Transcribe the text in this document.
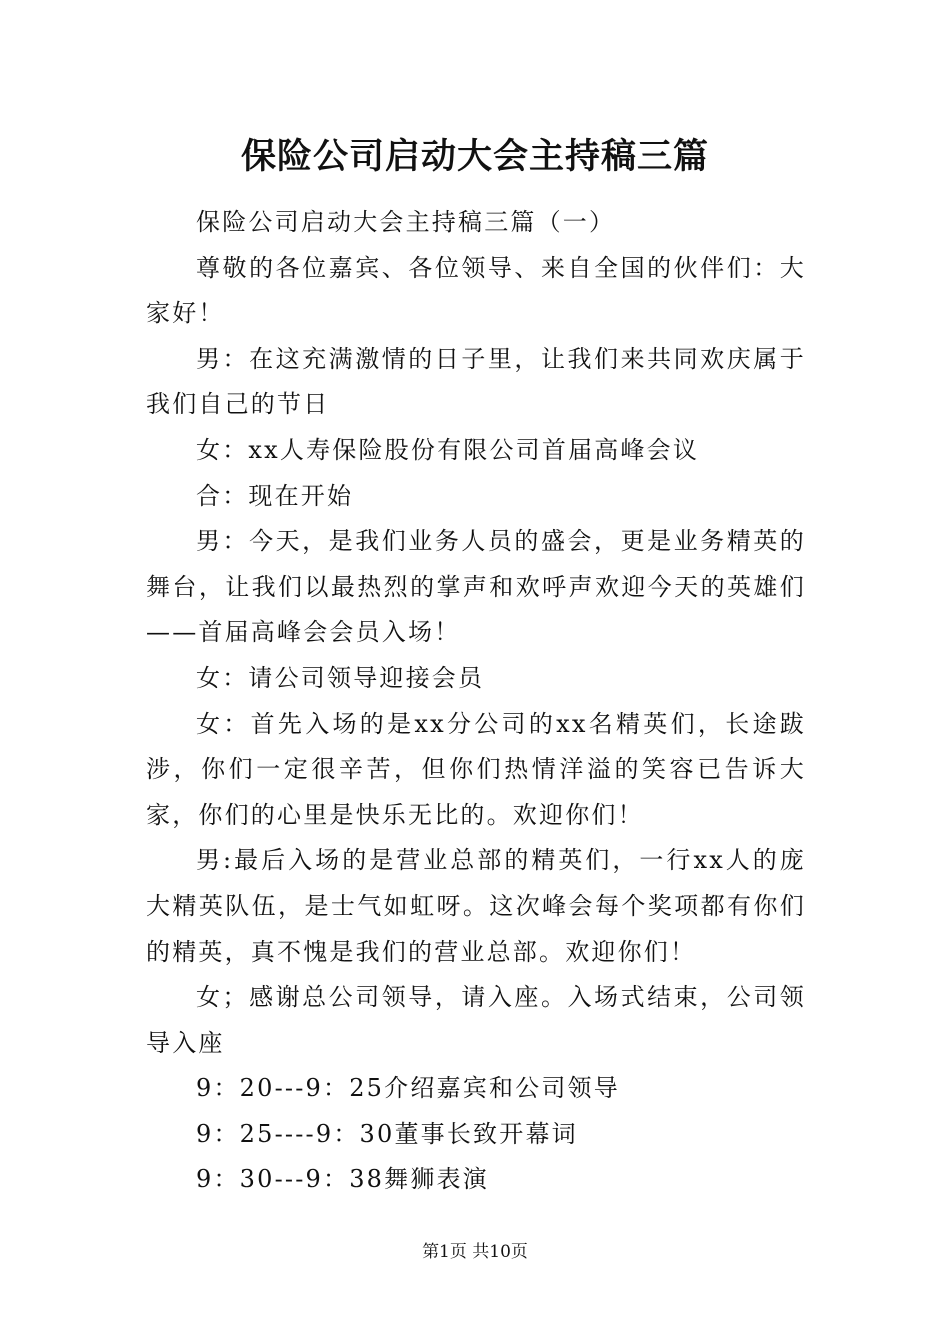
保险公司启动大会主持稿三篇

保险公司启动大会主持稿三篇（一）

尊敬的各位嘉宾、各位领导、来自全国的伙伴们：大家好！

男：在这充满激情的日子里，让我们来共同欢庆属于我们自己的节日

女：xx人寿保险股份有限公司首届高峰会议

合：现在开始

男：今天，是我们业务人员的盛会，更是业务精英的舞台，让我们以最热烈的掌声和欢呼声欢迎今天的英雄们——首届高峰会会员入场！

女：请公司领导迎接会员

女：首先入场的是xx分公司的xx名精英们，长途跋涉，你们一定很辛苦，但你们热情洋溢的笑容已告诉大家，你们的心里是快乐无比的。欢迎你们！

男:最后入场的是营业总部的精英们，一行xx人的庞大精英队伍，是士气如虹呀。这次峰会每个奖项都有你们的精英，真不愧是我们的营业总部。欢迎你们！

女；感谢总公司领导，请入座。入场式结束，公司领导入座

9：20---9：25介绍嘉宾和公司领导

9：25----9：30董事长致开幕词

9：30---9：38舞狮表演

第1页 共10页
